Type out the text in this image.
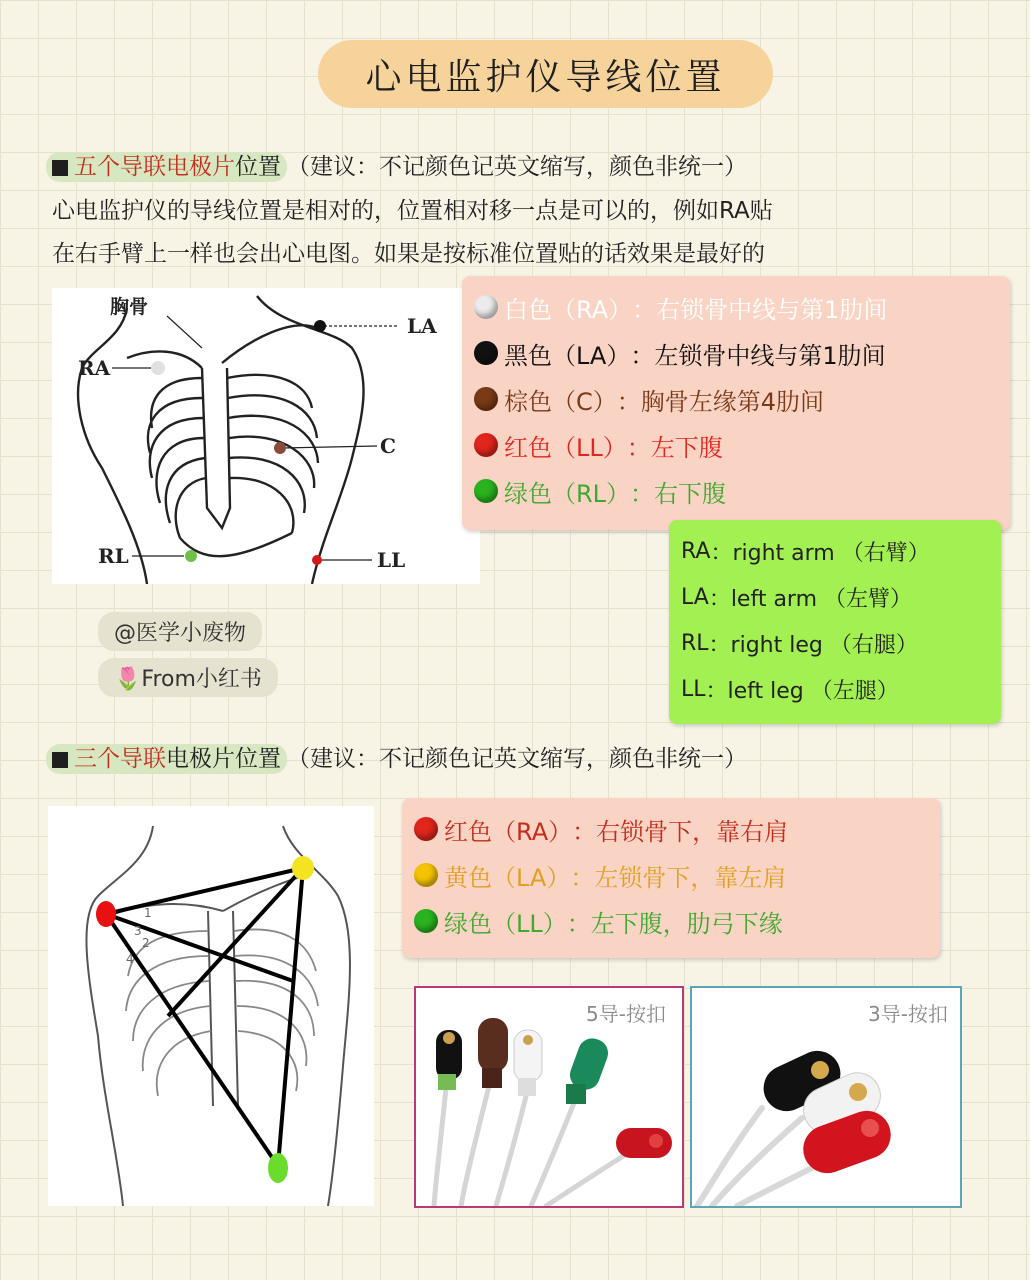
心电监护仪导线位置
五个导联电极片位置 （建议：不记颜色记英文缩写，颜色非统一）
心电监护仪的导线位置是相对的，位置相对移一点是可以的，例如RA贴
在右手臂上一样也会出心电图。如果是按标准位置贴的话效果是最好的
胸骨
RA
LA
C
RL	LL
白色 （RA） ：右锁骨中线与第1肋间
黑色 （LA） ：左锁骨中线与第1肋间
棕色 （C） ：胸骨左缘第4肋间
红色 （LL） ：左下腹
绿色 （RL） ：右下腹
RA ：right arm （右臂）
LA ：left arm （左臂）
RL ：right leg （右腿）
LL ：left leg （左腿）
@医学小废物
🌷From小红书
三个导联电极片位置 （建议：不记颜色记英文缩写，颜色非统一）
1
2
3
4
红色 （RA） ：右锁骨下，靠右肩
黄色 （LA） ：左锁骨下，靠左肩
绿色 （LL） ：左下腹，肋弓下缘
5导-按扣	3导-按扣
